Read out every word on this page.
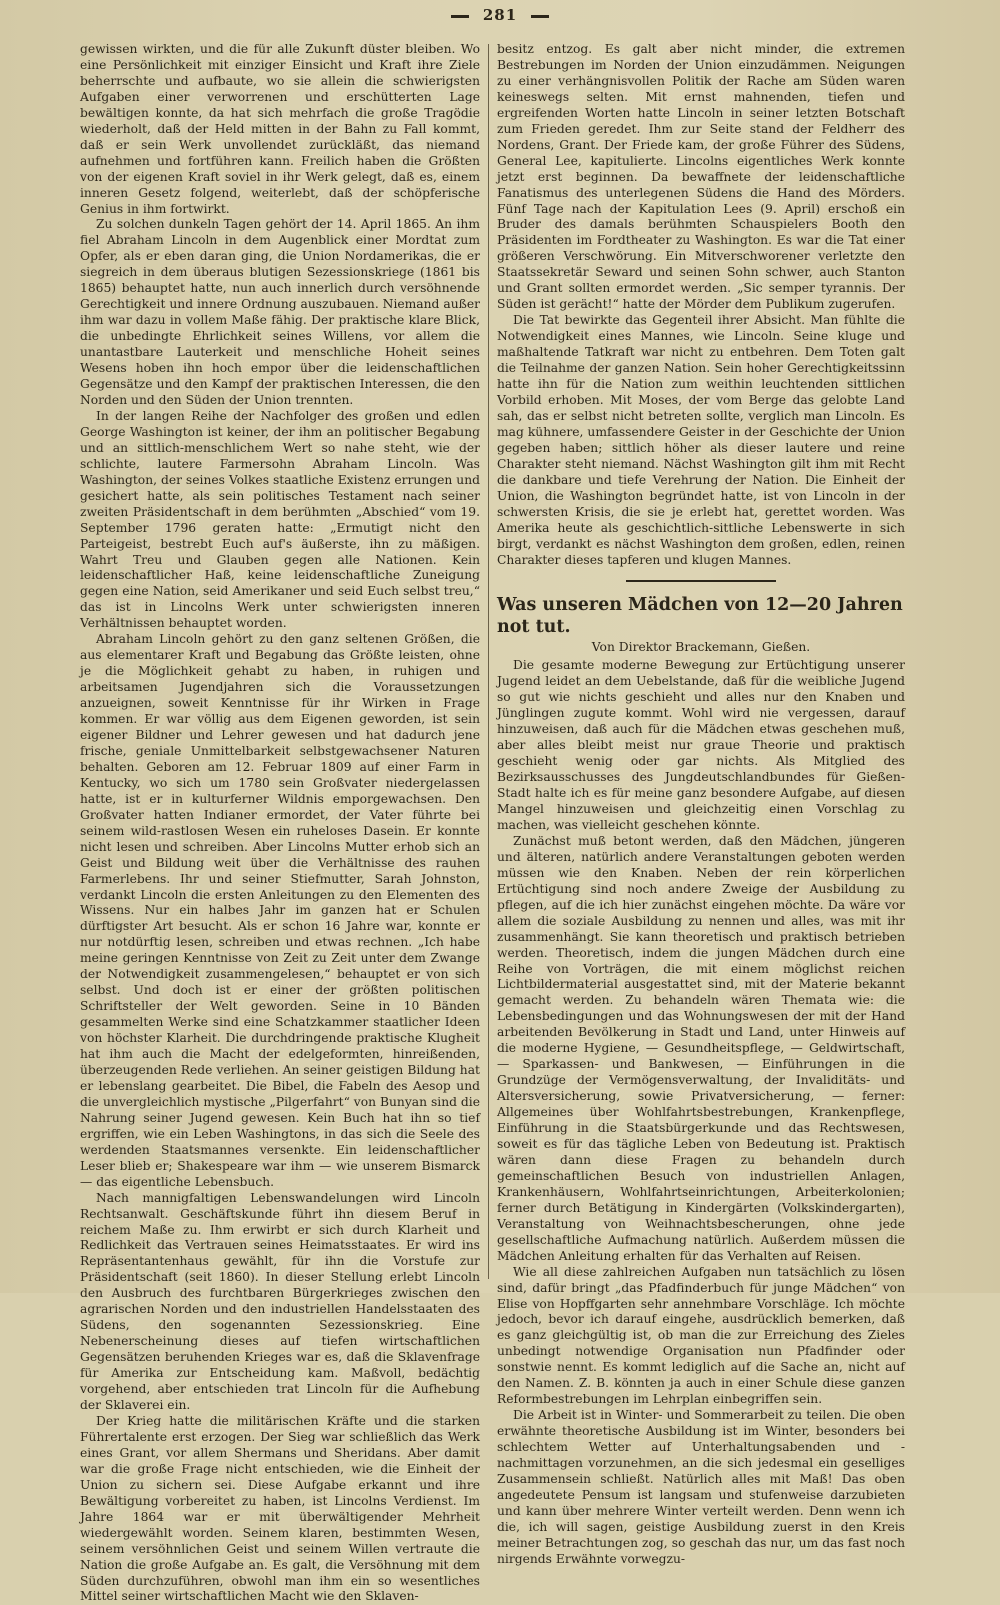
281

gewissen wirkten, und die für alle Zukunft düster bleiben. Wo eine Persönlichkeit mit einziger Einsicht und Kraft ihre Ziele beherrschte und aufbaute, wo sie allein die schwierigsten Aufgaben einer verworrenen und erschütterten Lage bewältigen konnte, da hat sich mehrfach die große Tragödie wiederholt, daß der Held mitten in der Bahn zu Fall kommt, daß er sein Werk unvollendet zurückläßt, das niemand aufnehmen und fortführen kann. Freilich haben die Größten von der eigenen Kraft soviel in ihr Werk gelegt, daß es, einem inneren Gesetz folgend, weiterlebt, daß der schöpferische Genius in ihm fortwirkt.

Zu solchen dunkeln Tagen gehört der 14. April 1865. An ihm fiel Abraham Lincoln in dem Augenblick einer Mordtat zum Opfer, als er eben daran ging, die Union Nordamerikas, die er siegreich in dem überaus blutigen Sezessionskriege (1861 bis 1865) behauptet hatte, nun auch innerlich durch versöhnende Gerechtigkeit und innere Ordnung auszubauen. Niemand außer ihm war dazu in vollem Maße fähig. Der praktische klare Blick, die unbedingte Ehrlichkeit seines Willens, vor allem die unantastbare Lauterkeit und menschliche Hoheit seines Wesens hoben ihn hoch empor über die leidenschaftlichen Gegensätze und den Kampf der praktischen Interessen, die den Norden und den Süden der Union trennten.

In der langen Reihe der Nachfolger des großen und edlen George Washington ist keiner, der ihm an politischer Begabung und an sittlich-menschlichem Wert so nahe steht, wie der schlichte, lautere Farmersohn Abraham Lincoln. Was Washington, der seines Volkes staatliche Existenz errungen und gesichert hatte, als sein politisches Testament nach seiner zweiten Präsidentschaft in dem berühmten „Abschied“ vom 19. September 1796 geraten hatte: „Ermutigt nicht den Parteigeist, bestrebt Euch auf's äußerste, ihn zu mäßigen. Wahrt Treu und Glauben gegen alle Nationen. Kein leidenschaftlicher Haß, keine leidenschaftliche Zuneigung gegen eine Nation, seid Amerikaner und seid Euch selbst treu,“ das ist in Lincolns Werk unter schwierigsten inneren Verhältnissen behauptet worden.

Abraham Lincoln gehört zu den ganz seltenen Größen, die aus elementarer Kraft und Begabung das Größte leisten, ohne je die Möglichkeit gehabt zu haben, in ruhigen und arbeitsamen Jugendjahren sich die Voraussetzungen anzueignen, soweit Kenntnisse für ihr Wirken in Frage kommen. Er war völlig aus dem Eigenen geworden, ist sein eigener Bildner und Lehrer gewesen und hat dadurch jene frische, geniale Unmittelbarkeit selbstgewachsener Naturen behalten. Geboren am 12. Februar 1809 auf einer Farm in Kentucky, wo sich um 1780 sein Großvater niedergelassen hatte, ist er in kulturferner Wildnis emporgewachsen. Den Großvater hatten Indianer ermordet, der Vater führte bei seinem wild-rastlosen Wesen ein ruheloses Dasein. Er konnte nicht lesen und schreiben. Aber Lincolns Mutter erhob sich an Geist und Bildung weit über die Verhältnisse des rauhen Farmerlebens. Ihr und seiner Stiefmutter, Sarah Johnston, verdankt Lincoln die ersten Anleitungen zu den Elementen des Wissens. Nur ein halbes Jahr im ganzen hat er Schulen dürftigster Art besucht. Als er schon 16 Jahre war, konnte er nur notdürftig lesen, schreiben und etwas rechnen. „Ich habe meine geringen Kenntnisse von Zeit zu Zeit unter dem Zwange der Notwendigkeit zusammengelesen,“ behauptet er von sich selbst. Und doch ist er einer der größten politischen Schriftsteller der Welt geworden. Seine in 10 Bänden gesammelten Werke sind eine Schatzkammer staatlicher Ideen von höchster Klarheit. Die durchdringende praktische Klugheit hat ihm auch die Macht der edelgeformten, hinreißenden, überzeugenden Rede verliehen. An seiner geistigen Bildung hat er lebenslang gearbeitet. Die Bibel, die Fabeln des Aesop und die unvergleichlich mystische „Pilgerfahrt“ von Bunyan sind die Nahrung seiner Jugend gewesen. Kein Buch hat ihn so tief ergriffen, wie ein Leben Washingtons, in das sich die Seele des werdenden Staatsmannes versenkte. Ein leidenschaftlicher Leser blieb er; Shakespeare war ihm — wie unserem Bismarck — das eigentliche Lebensbuch.

Nach mannigfaltigen Lebenswandelungen wird Lincoln Rechtsanwalt. Geschäftskunde führt ihn diesem Beruf in reichem Maße zu. Ihm erwirbt er sich durch Klarheit und Redlichkeit das Vertrauen seines Heimatsstaates. Er wird ins Repräsentantenhaus gewählt, für ihn die Vorstufe zur Präsidentschaft (seit 1860). In dieser Stellung erlebt Lincoln den Ausbruch des furchtbaren Bürgerkrieges zwischen den agrarischen Norden und den industriellen Handelsstaaten des Südens, den sogenannten Sezessionskrieg. Eine Nebenerscheinung dieses auf tiefen wirtschaftlichen Gegensätzen beruhenden Krieges war es, daß die Sklavenfrage für Amerika zur Entscheidung kam. Maßvoll, bedächtig vorgehend, aber entschieden trat Lincoln für die Aufhebung der Sklaverei ein.

Der Krieg hatte die militärischen Kräfte und die starken Führertalente erst erzogen. Der Sieg war schließlich das Werk eines Grant, vor allem Shermans und Sheridans. Aber damit war die große Frage nicht entschieden, wie die Einheit der Union zu sichern sei. Diese Aufgabe erkannt und ihre Bewältigung vorbereitet zu haben, ist Lincolns Verdienst. Im Jahre 1864 war er mit überwältigender Mehrheit wiedergewählt worden. Seinem klaren, bestimmten Wesen, seinem versöhnlichen Geist und seinem Willen vertraute die Nation die große Aufgabe an. Es galt, die Versöhnung mit dem Süden durchzuführen, obwohl man ihm ein so wesentliches Mittel seiner wirtschaftlichen Macht wie den Sklaven-

besitz entzog. Es galt aber nicht minder, die extremen Bestrebungen im Norden der Union einzudämmen. Neigungen zu einer verhängnisvollen Politik der Rache am Süden waren keineswegs selten. Mit ernst mahnenden, tiefen und ergreifenden Worten hatte Lincoln in seiner letzten Botschaft zum Frieden geredet. Ihm zur Seite stand der Feldherr des Nordens, Grant. Der Friede kam, der große Führer des Südens, General Lee, kapitulierte. Lincolns eigentliches Werk konnte jetzt erst beginnen. Da bewaffnete der leidenschaftliche Fanatismus des unterlegenen Südens die Hand des Mörders. Fünf Tage nach der Kapitulation Lees (9. April) erschoß ein Bruder des damals berühmten Schauspielers Booth den Präsidenten im Fordtheater zu Washington. Es war die Tat einer größeren Verschwörung. Ein Mitverschworener verletzte den Staatssekretär Seward und seinen Sohn schwer, auch Stanton und Grant sollten ermordet werden. „Sic semper tyrannis. Der Süden ist gerächt!“ hatte der Mörder dem Publikum zugerufen.

Die Tat bewirkte das Gegenteil ihrer Absicht. Man fühlte die Notwendigkeit eines Mannes, wie Lincoln. Seine kluge und maßhaltende Tatkraft war nicht zu entbehren. Dem Toten galt die Teilnahme der ganzen Nation. Sein hoher Gerechtigkeitssinn hatte ihn für die Nation zum weithin leuchtenden sittlichen Vorbild erhoben. Mit Moses, der vom Berge das gelobte Land sah, das er selbst nicht betreten sollte, verglich man Lincoln. Es mag kühnere, umfassendere Geister in der Geschichte der Union gegeben haben; sittlich höher als dieser lautere und reine Charakter steht niemand. Nächst Washington gilt ihm mit Recht die dankbare und tiefe Verehrung der Nation. Die Einheit der Union, die Washington begründet hatte, ist von Lincoln in der schwersten Krisis, die sie je erlebt hat, gerettet worden. Was Amerika heute als geschichtlich-sittliche Lebenswerte in sich birgt, verdankt es nächst Washington dem großen, edlen, reinen Charakter dieses tapferen und klugen Mannes.

Was unseren Mädchen von 12—20 Jahren not tut.
Von Direktor Brackemann, Gießen.

Die gesamte moderne Bewegung zur Ertüchtigung unserer Jugend leidet an dem Uebelstande, daß für die weibliche Jugend so gut wie nichts geschieht und alles nur den Knaben und Jünglingen zugute kommt. Wohl wird nie vergessen, darauf hinzuweisen, daß auch für die Mädchen etwas geschehen muß, aber alles bleibt meist nur graue Theorie und praktisch geschieht wenig oder gar nichts. Als Mitglied des Bezirksausschusses des Jungdeutschlandbundes für Gießen-Stadt halte ich es für meine ganz besondere Aufgabe, auf diesen Mangel hinzuweisen und gleichzeitig einen Vorschlag zu machen, was vielleicht geschehen könnte.

Zunächst muß betont werden, daß den Mädchen, jüngeren und älteren, natürlich andere Veranstaltungen geboten werden müssen wie den Knaben. Neben der rein körperlichen Ertüchtigung sind noch andere Zweige der Ausbildung zu pflegen, auf die ich hier zunächst eingehen möchte. Da wäre vor allem die soziale Ausbildung zu nennen und alles, was mit ihr zusammenhängt. Sie kann theoretisch und praktisch betrieben werden. Theoretisch, indem die jungen Mädchen durch eine Reihe von Vorträgen, die mit einem möglichst reichen Lichtbildermaterial ausgestattet sind, mit der Materie bekannt gemacht werden. Zu behandeln wären Themata wie: die Lebensbedingungen und das Wohnungswesen der mit der Hand arbeitenden Bevölkerung in Stadt und Land, unter Hinweis auf die moderne Hygiene, — Gesundheitspflege, — Geldwirtschaft, — Sparkassen- und Bankwesen, — Einführungen in die Grundzüge der Vermögensverwaltung, der Invaliditäts- und Altersversicherung, sowie Privatversicherung, — ferner: Allgemeines über Wohlfahrtsbestrebungen, Krankenpflege, Einführung in die Staatsbürgerkunde und das Rechtswesen, soweit es für das tägliche Leben von Bedeutung ist. Praktisch wären dann diese Fragen zu behandeln durch gemeinschaftlichen Besuch von industriellen Anlagen, Krankenhäusern, Wohlfahrtseinrichtungen, Arbeiterkolonien; ferner durch Betätigung in Kindergärten (Volkskindergarten), Veranstaltung von Weihnachtsbescherungen, ohne jede gesellschaftliche Aufmachung natürlich. Außerdem müssen die Mädchen Anleitung erhalten für das Verhalten auf Reisen.

Wie all diese zahlreichen Aufgaben nun tatsächlich zu lösen sind, dafür bringt „das Pfadfinderbuch für junge Mädchen“ von Elise von Hopffgarten sehr annehmbare Vorschläge. Ich möchte jedoch, bevor ich darauf eingehe, ausdrücklich bemerken, daß es ganz gleichgültig ist, ob man die zur Erreichung des Zieles unbedingt notwendige Organisation nun Pfadfinder oder sonstwie nennt. Es kommt lediglich auf die Sache an, nicht auf den Namen. Z. B. könnten ja auch in einer Schule diese ganzen Reformbestrebungen im Lehrplan einbegriffen sein.

Die Arbeit ist in Winter- und Sommerarbeit zu teilen. Die oben erwähnte theoretische Ausbildung ist im Winter, besonders bei schlechtem Wetter auf Unterhaltungsabenden und -nachmittagen vorzunehmen, an die sich jedesmal ein geselliges Zusammensein schließt. Natürlich alles mit Maß! Das oben angedeutete Pensum ist langsam und stufenweise darzubieten und kann über mehrere Winter verteilt werden. Denn wenn ich die, ich will sagen, geistige Ausbildung zuerst in den Kreis meiner Betrachtungen zog, so geschah das nur, um das fast noch nirgends Erwähnte vorwegzu-
